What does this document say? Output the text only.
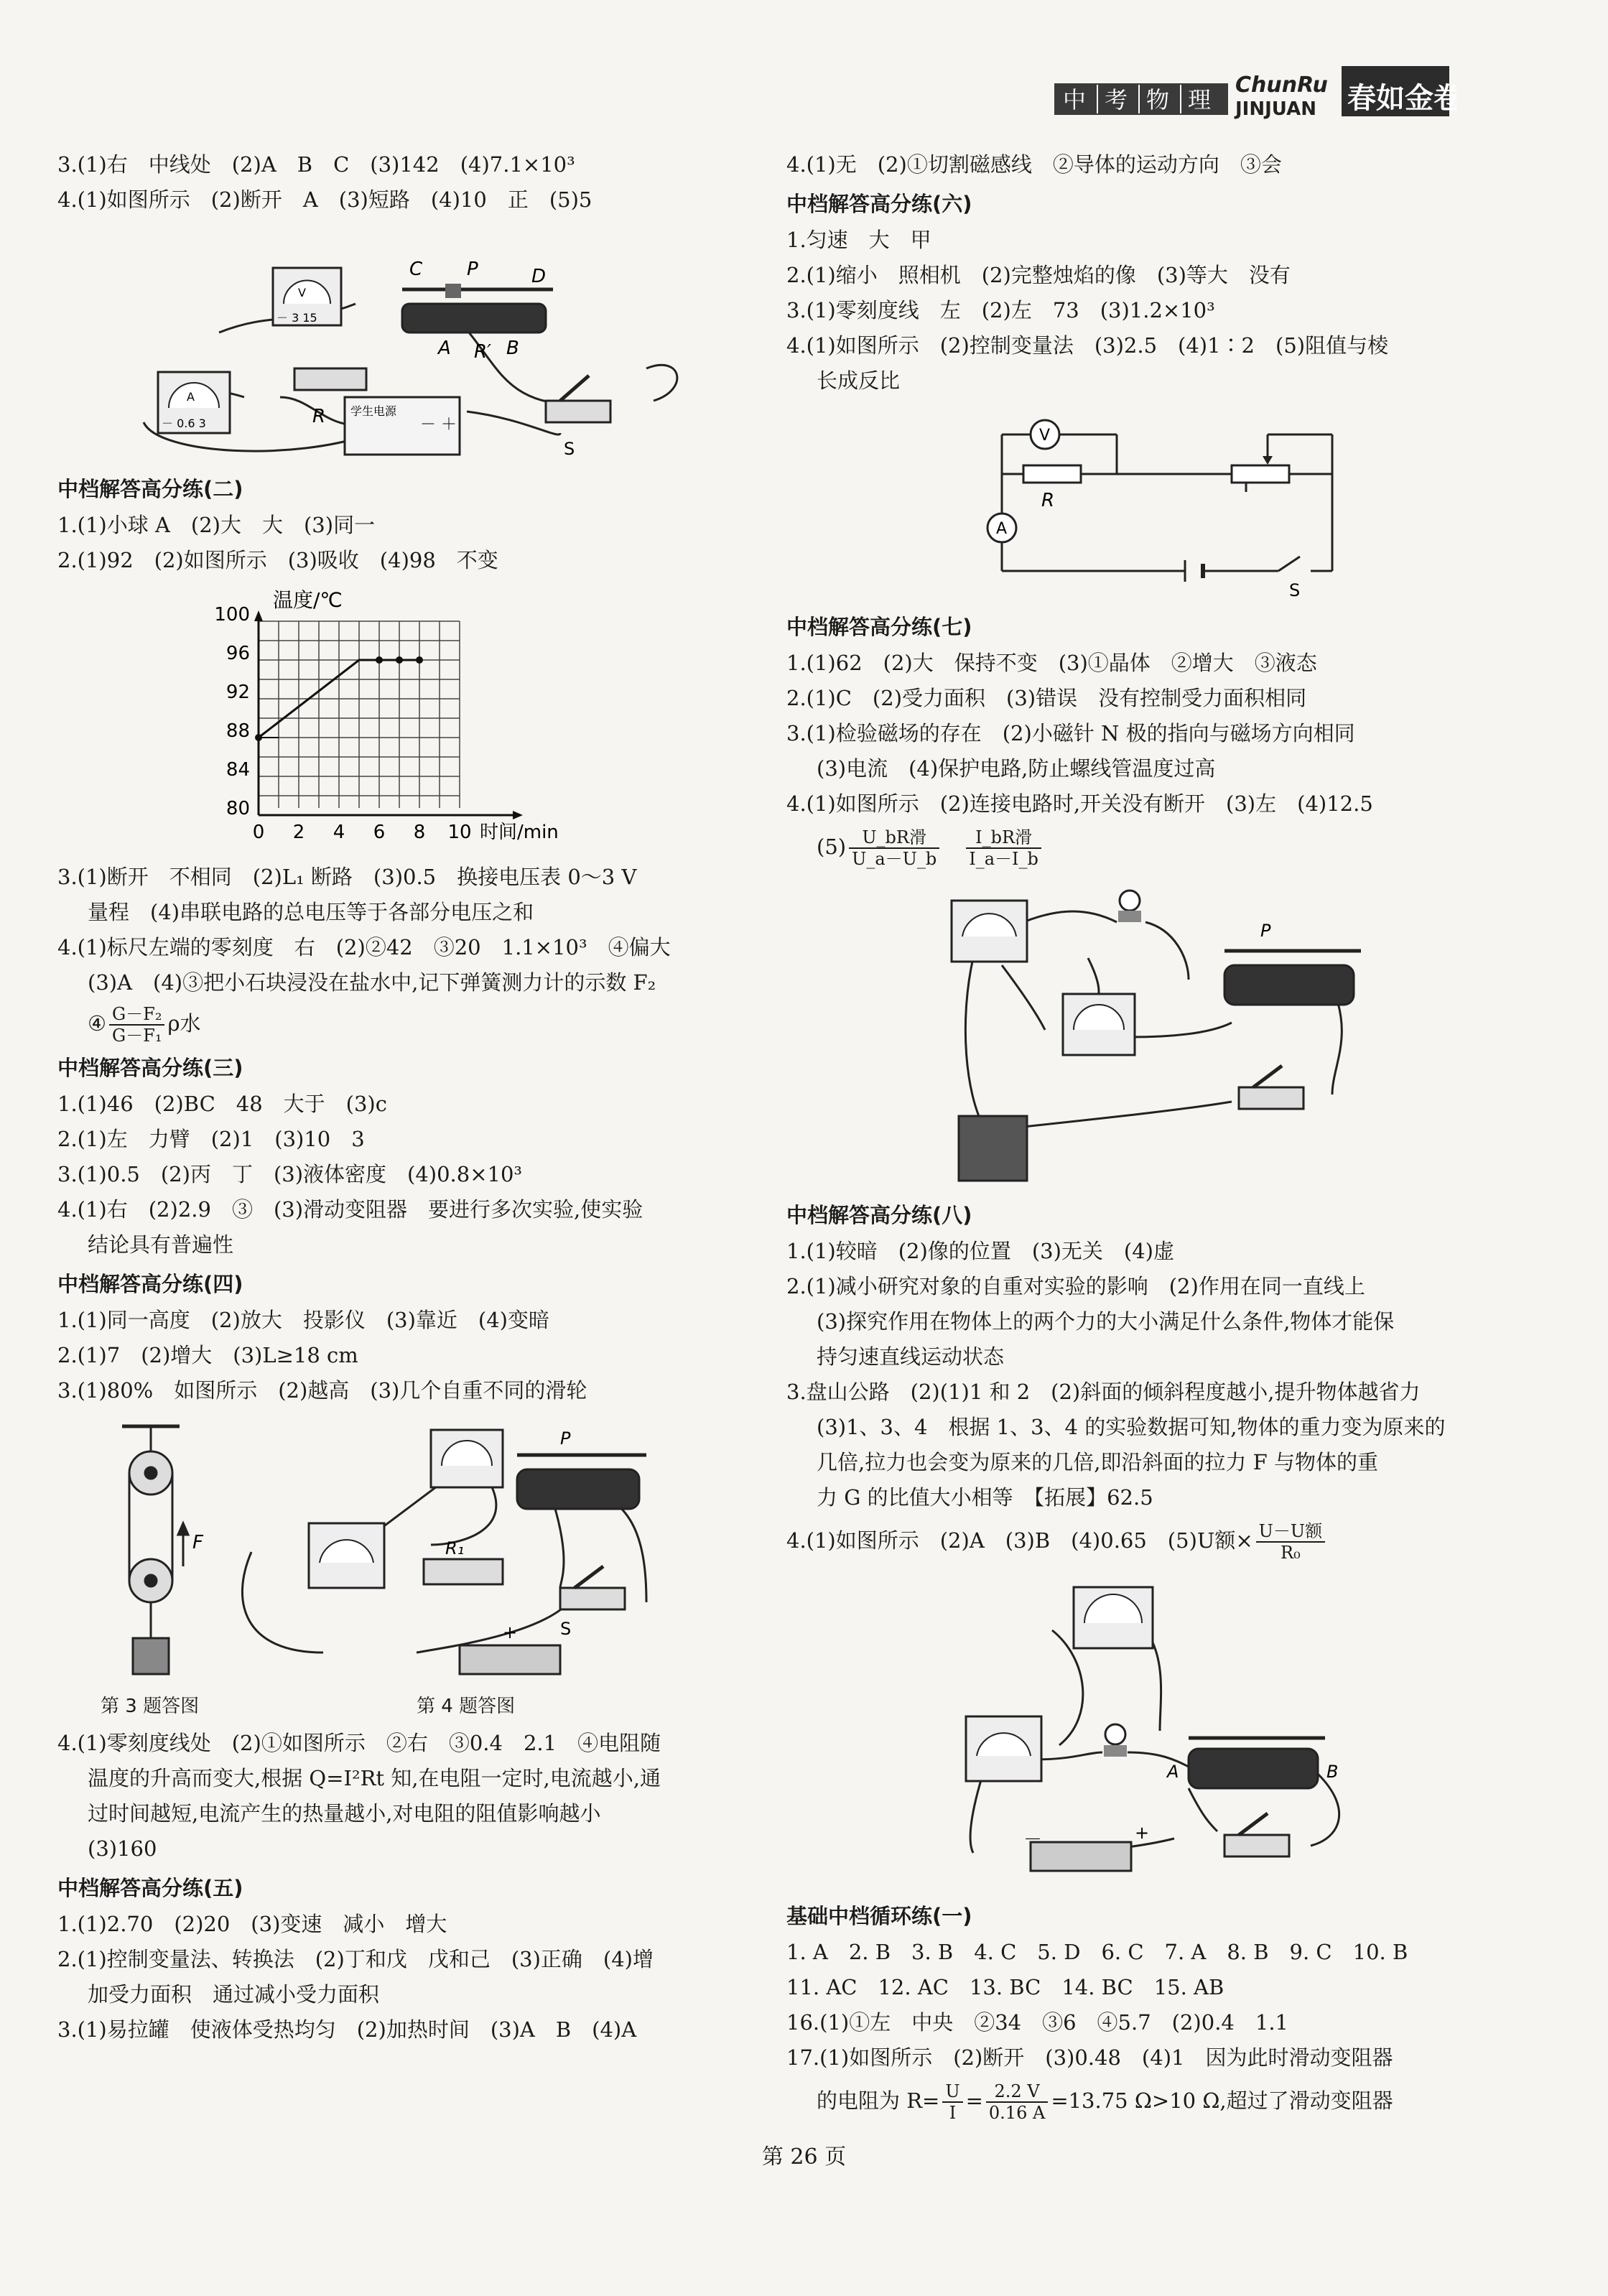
中 考 物 理
ChunRu
JINJUAN 春如金卷
3.(1)右　中线处　(2)A　B　C　(3)142　(4)7.1×10³
4.(1)如图所示　(2)断开　A　(3)短路　(4)10　正　(5)5
V
－ 3 15
A
－ 0.6 3	R
C P	D
A R′ B
学生电源
－ ＋
S
中档解答高分练(二)
1.(1)小球 A　(2)大　大　(3)同一
2.(1)92　(2)如图所示　(3)吸收　(4)98　不变
温度/℃
80
84
88
92
96
100
0 2 4 6 8 10 时间/min
3.(1)断开　不相同　(2)L₁ 断路　(3)0.5　换接电压表 0～3 V
量程　(4)串联电路的总电压等于各部分电压之和
4.(1)标尺左端的零刻度　右　(2)②42　③20　1.1×10³　④偏大
(3)A　(4)③把小石块浸没在盐水中,记下弹簧测力计的示数 F₂
④ $\frac{\text{G－F₂}}{\text{G－F₁}}$ ρ水
中档解答高分练(三)
1.(1)46　(2)BC　48　大于　(3)c
2.(1)左　力臂　(2)1　(3)10　3
3.(1)0.5　(2)丙　丁　(3)液体密度　(4)0.8×10³
4.(1)右　(2)2.9　③　(3)滑动变阻器　要进行多次实验,使实验
结论具有普遍性
中档解答高分练(四)
1.(1)同一高度　(2)放大　投影仪　(3)靠近　(4)变暗
2.(1)7　(2)增大　(3)L≥18 cm
3.(1)80%　如图所示　(2)越高　(3)几个自重不同的滑轮
F	R₁
P
S
+
第 3 题答图	第 4 题答图
4.(1)零刻度线处　(2)①如图所示　②右　③0.4　2.1　④电阻随
温度的升高而变大,根据 Q=I²Rt 知,在电阻一定时,电流越小,通
过时间越短,电流产生的热量越小,对电阻的阻值影响越小
(3)160
中档解答高分练(五)
1.(1)2.70　(2)20　(3)变速　减小　增大
2.(1)控制变量法、转换法　(2)丁和戊　戊和己　(3)正确　(4)增
加受力面积　通过减小受力面积
3.(1)易拉罐　使液体受热均匀　(2)加热时间　(3)A　B　(4)A
4.(1)无　(2)①切割磁感线　②导体的运动方向　③会
中档解答高分练(六)
1.匀速　大　甲
2.(1)缩小　照相机　(2)完整烛焰的像　(3)等大　没有
3.(1)零刻度线　左　(2)左　73　(3)1.2×10³
4.(1)如图所示　(2)控制变量法　(3)2.5　(4)1∶2　(5)阻值与棱
长成反比
V
R
A
S
中档解答高分练(七)
1.(1)62　(2)大　保持不变　(3)①晶体　②增大　③液态
2.(1)C　(2)受力面积　(3)错误　没有控制受力面积相同
3.(1)检验磁场的存在　(2)小磁针 N 极的指向与磁场方向相同
(3)电流　(4)保护电路,防止螺线管温度过高
4.(1)如图所示　(2)连接电路时,开关没有断开　(3)左　(4)12.5
$(5) \frac{\text{U\_bR滑}}{U\_a-U\_b}$
　 $\frac{\text{I\_bR滑}}{I\_a-I\_b}$
P
中档解答高分练(八)
1.(1)较暗　(2)像的位置　(3)无关　(4)虚
2.(1)减小研究对象的自重对实验的影响　(2)作用在同一直线上
(3)探究作用在物体上的两个力的大小满足什么条件,物体才能保
持匀速直线运动状态
3.盘山公路　(2)(1)1 和 2　(2)斜面的倾斜程度越小,提升物体越省力
(3)1、3、4　根据 1、3、4 的实验数据可知,物体的重力变为原来的
几倍,拉力也会变为原来的几倍,即沿斜面的拉力 F 与物体的重
力 G 的比值大小相等　【拓展】62.5
4.(1)如图所示　(2)A　(3)B　(4)0.65　(5)U额× $\frac{\text{U－U额}}{\text{R₀}}$
A	B
－	+
基础中档循环练(一)
1. A　2. B　3. B　4. C　5. D　6. C　7. A　8. B　9. C　10. B
11. AC　12. AC　13. BC　14. BC　15. AB
16.(1)①左　中央　②34　③6　④5.7　(2)0.4　1.1
17.(1)如图所示　(2)断开　(3)0.48　(4)1　因为此时滑动变阻器
的电阻为 $R= \frac{U}{I} = \frac{2.2 V}{0.16 A} =13.75$ Ω>10 Ω,超过了滑动变阻器
第 26 页
